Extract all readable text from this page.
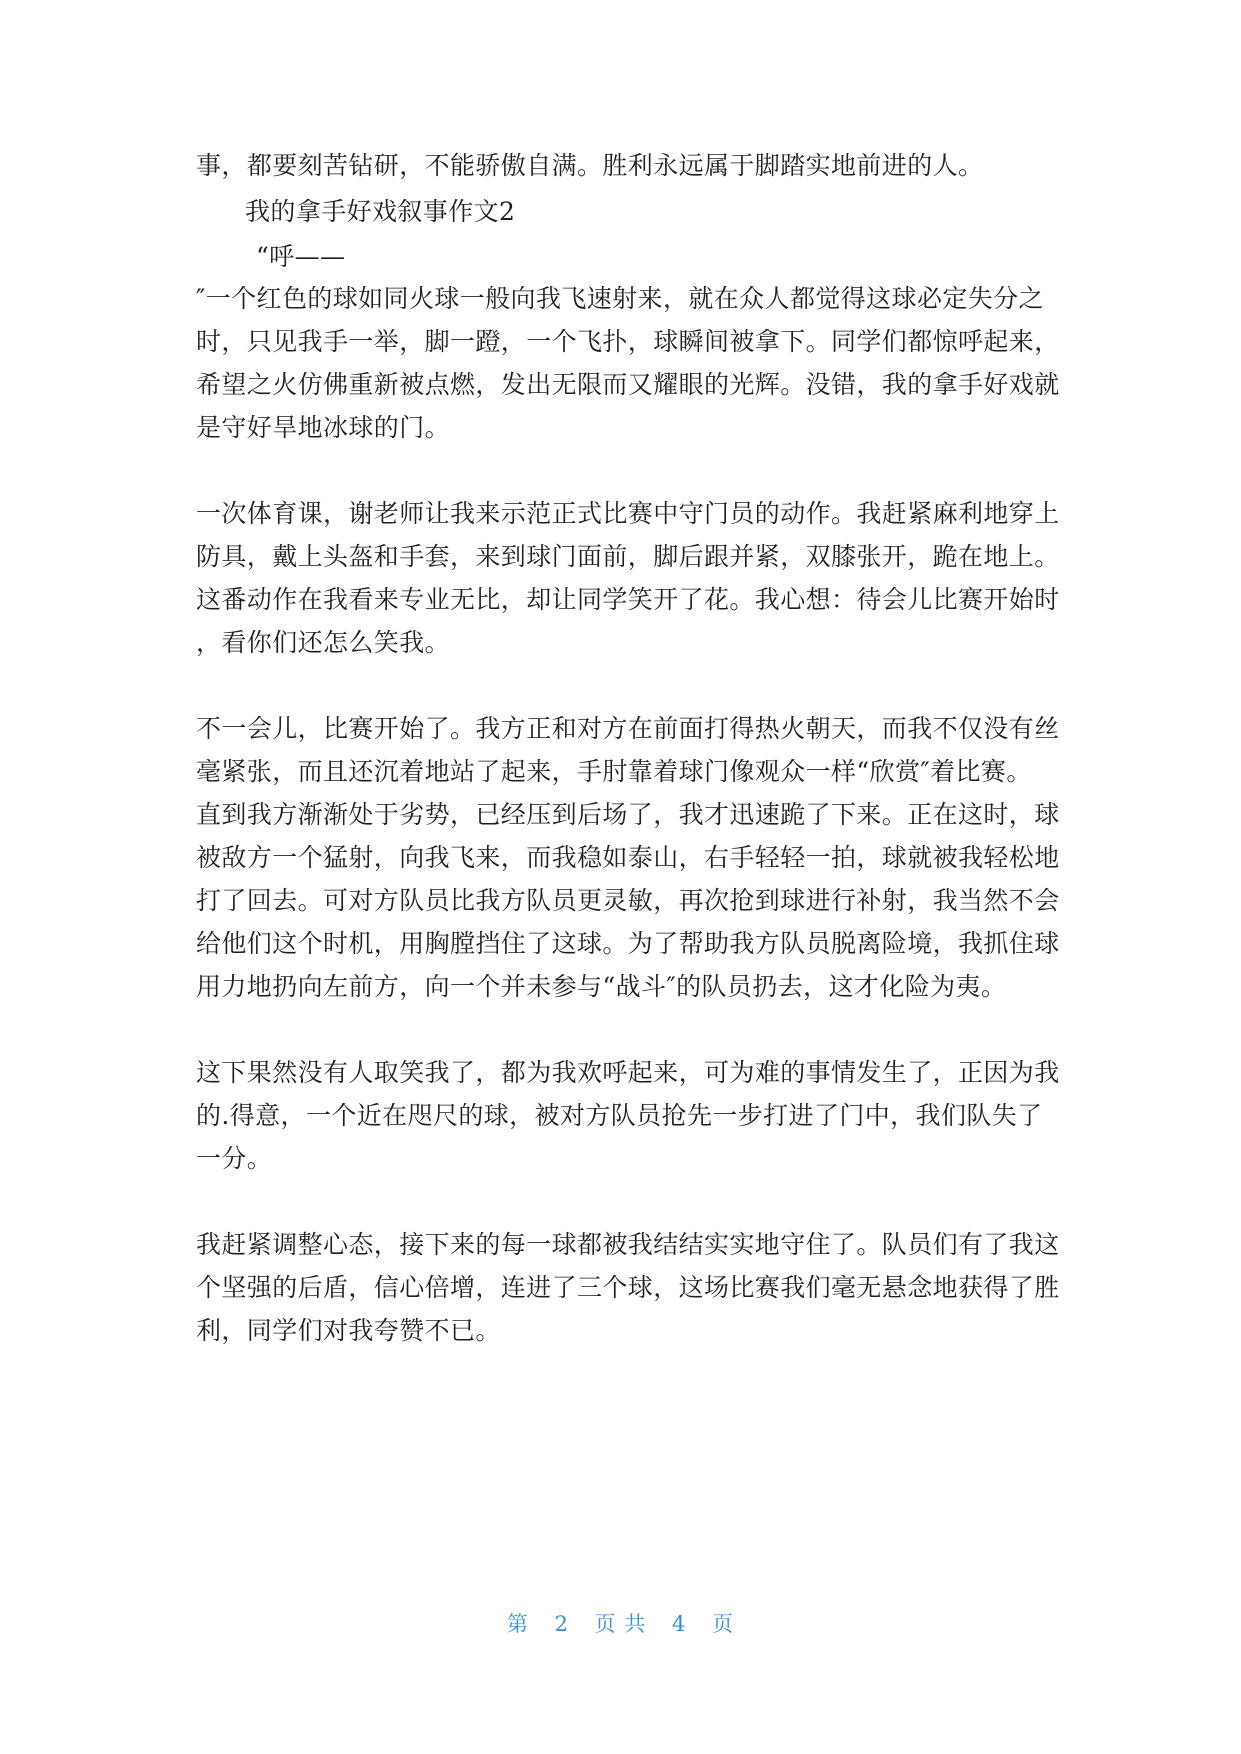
事，都要刻苦钻研，不能骄傲自满。胜利永远属于脚踏实地前进的人。
我的拿手好戏叙事作文2
“呼——
″一个红色的球如同火球一般向我飞速射来，就在众人都觉得这球必定失分之
时，只见我手一举，脚一蹬，一个飞扑，球瞬间被拿下。同学们都惊呼起来，
希望之火仿佛重新被点燃，发出无限而又耀眼的光辉。没错，我的拿手好戏就
是守好旱地冰球的门。
一次体育课，谢老师让我来示范正式比赛中守门员的动作。我赶紧麻利地穿上
防具，戴上头盔和手套，来到球门面前，脚后跟并紧，双膝张开，跪在地上。
这番动作在我看来专业无比，却让同学笑开了花。我心想：待会儿比赛开始时
，看你们还怎么笑我。
不一会儿，比赛开始了。我方正和对方在前面打得热火朝天，而我不仅没有丝
毫紧张，而且还沉着地站了起来，手肘靠着球门像观众一样“欣赏″着比赛。
直到我方渐渐处于劣势，已经压到后场了，我才迅速跪了下来。正在这时，球
被敌方一个猛射，向我飞来，而我稳如泰山，右手轻轻一拍，球就被我轻松地
打了回去。可对方队员比我方队员更灵敏，再次抢到球进行补射，我当然不会
给他们这个时机，用胸膛挡住了这球。为了帮助我方队员脱离险境，我抓住球
用力地扔向左前方，向一个并未参与“战斗″的队员扔去，这才化险为夷。
这下果然没有人取笑我了，都为我欢呼起来，可为难的事情发生了，正因为我
的.得意，一个近在咫尺的球，被对方队员抢先一步打进了门中，我们队失了
一分。
我赶紧调整心态，接下来的每一球都被我结结实实地守住了。队员们有了我这
个坚强的后盾，信心倍增，连进了三个球，这场比赛我们毫无悬念地获得了胜
利，同学们对我夸赞不已。
第 2 页 共 4 页
